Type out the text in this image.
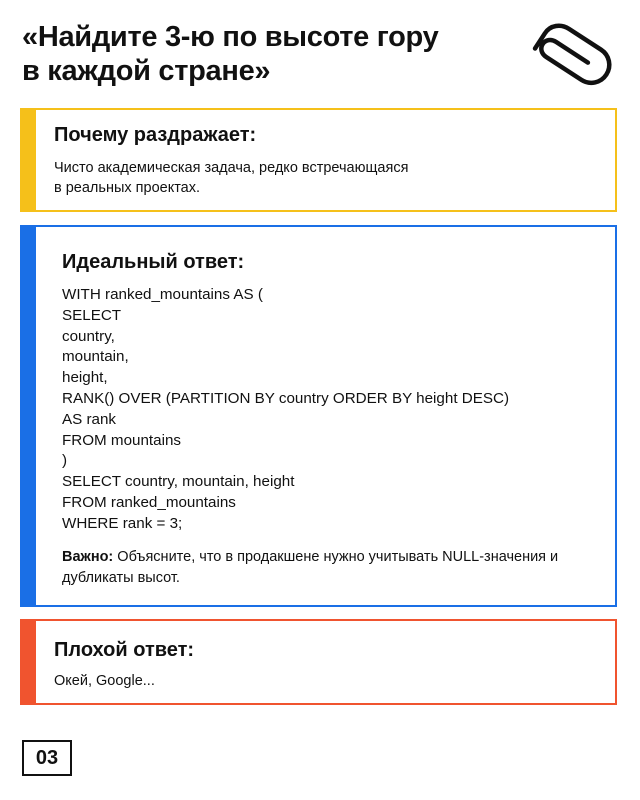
«Найдите 3-ю по высоте гору
в каждой стране»
Почему раздражает:
Чисто академическая задача, редко встречающаяся
в реальных проектах.
Идеальный ответ:
WITH ranked_mountains AS (
SELECT
country,
mountain,
height,
RANK() OVER (PARTITION BY country ORDER BY height DESC)
AS rank
FROM mountains
)
SELECT country, mountain, height
FROM ranked_mountains
WHERE rank = 3;
Важно: Объясните, что в продакшене нужно учитывать NULL-значения и дубликаты высот.
Плохой ответ:
Окей, Google...
03
